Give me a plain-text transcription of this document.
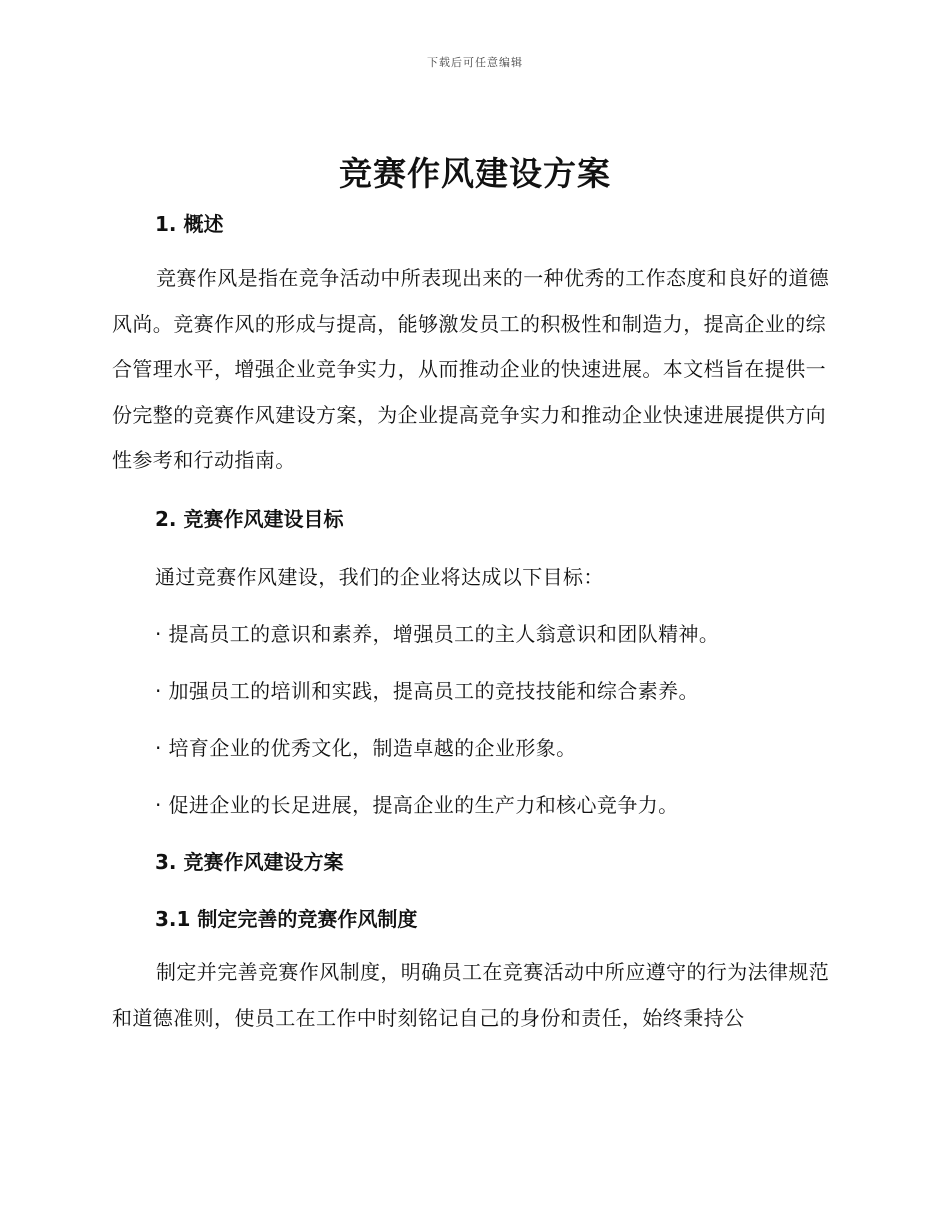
下载后可任意编辑
竞赛作风建设方案
1. 概述

竞赛作风是指在竞争活动中所表现出来的一种优秀的工作态度和良好的道德风尚。竞赛作风的形成与提高，能够激发员工的积极性和制造力，提高企业的综合管理水平，增强企业竞争实力，从而推动企业的快速进展。本文档旨在提供一份完整的竞赛作风建设方案，为企业提高竞争实力和推动企业快速进展提供方向性参考和行动指南。

2. 竞赛作风建设目标
通过竞赛作风建设，我们的企业将达成以下目标：
· 提高员工的意识和素养，增强员工的主人翁意识和团队精神。
· 加强员工的培训和实践，提高员工的竞技技能和综合素养。
· 培育企业的优秀文化，制造卓越的企业形象。
· 促进企业的长足进展，提高企业的生产力和核心竞争力。
3. 竞赛作风建设方案
3.1 制定完善的竞赛作风制度

制定并完善竞赛作风制度，明确员工在竞赛活动中所应遵守的行为法律规范和道德准则，使员工在工作中时刻铭记自己的身份和责任，始终秉持公
